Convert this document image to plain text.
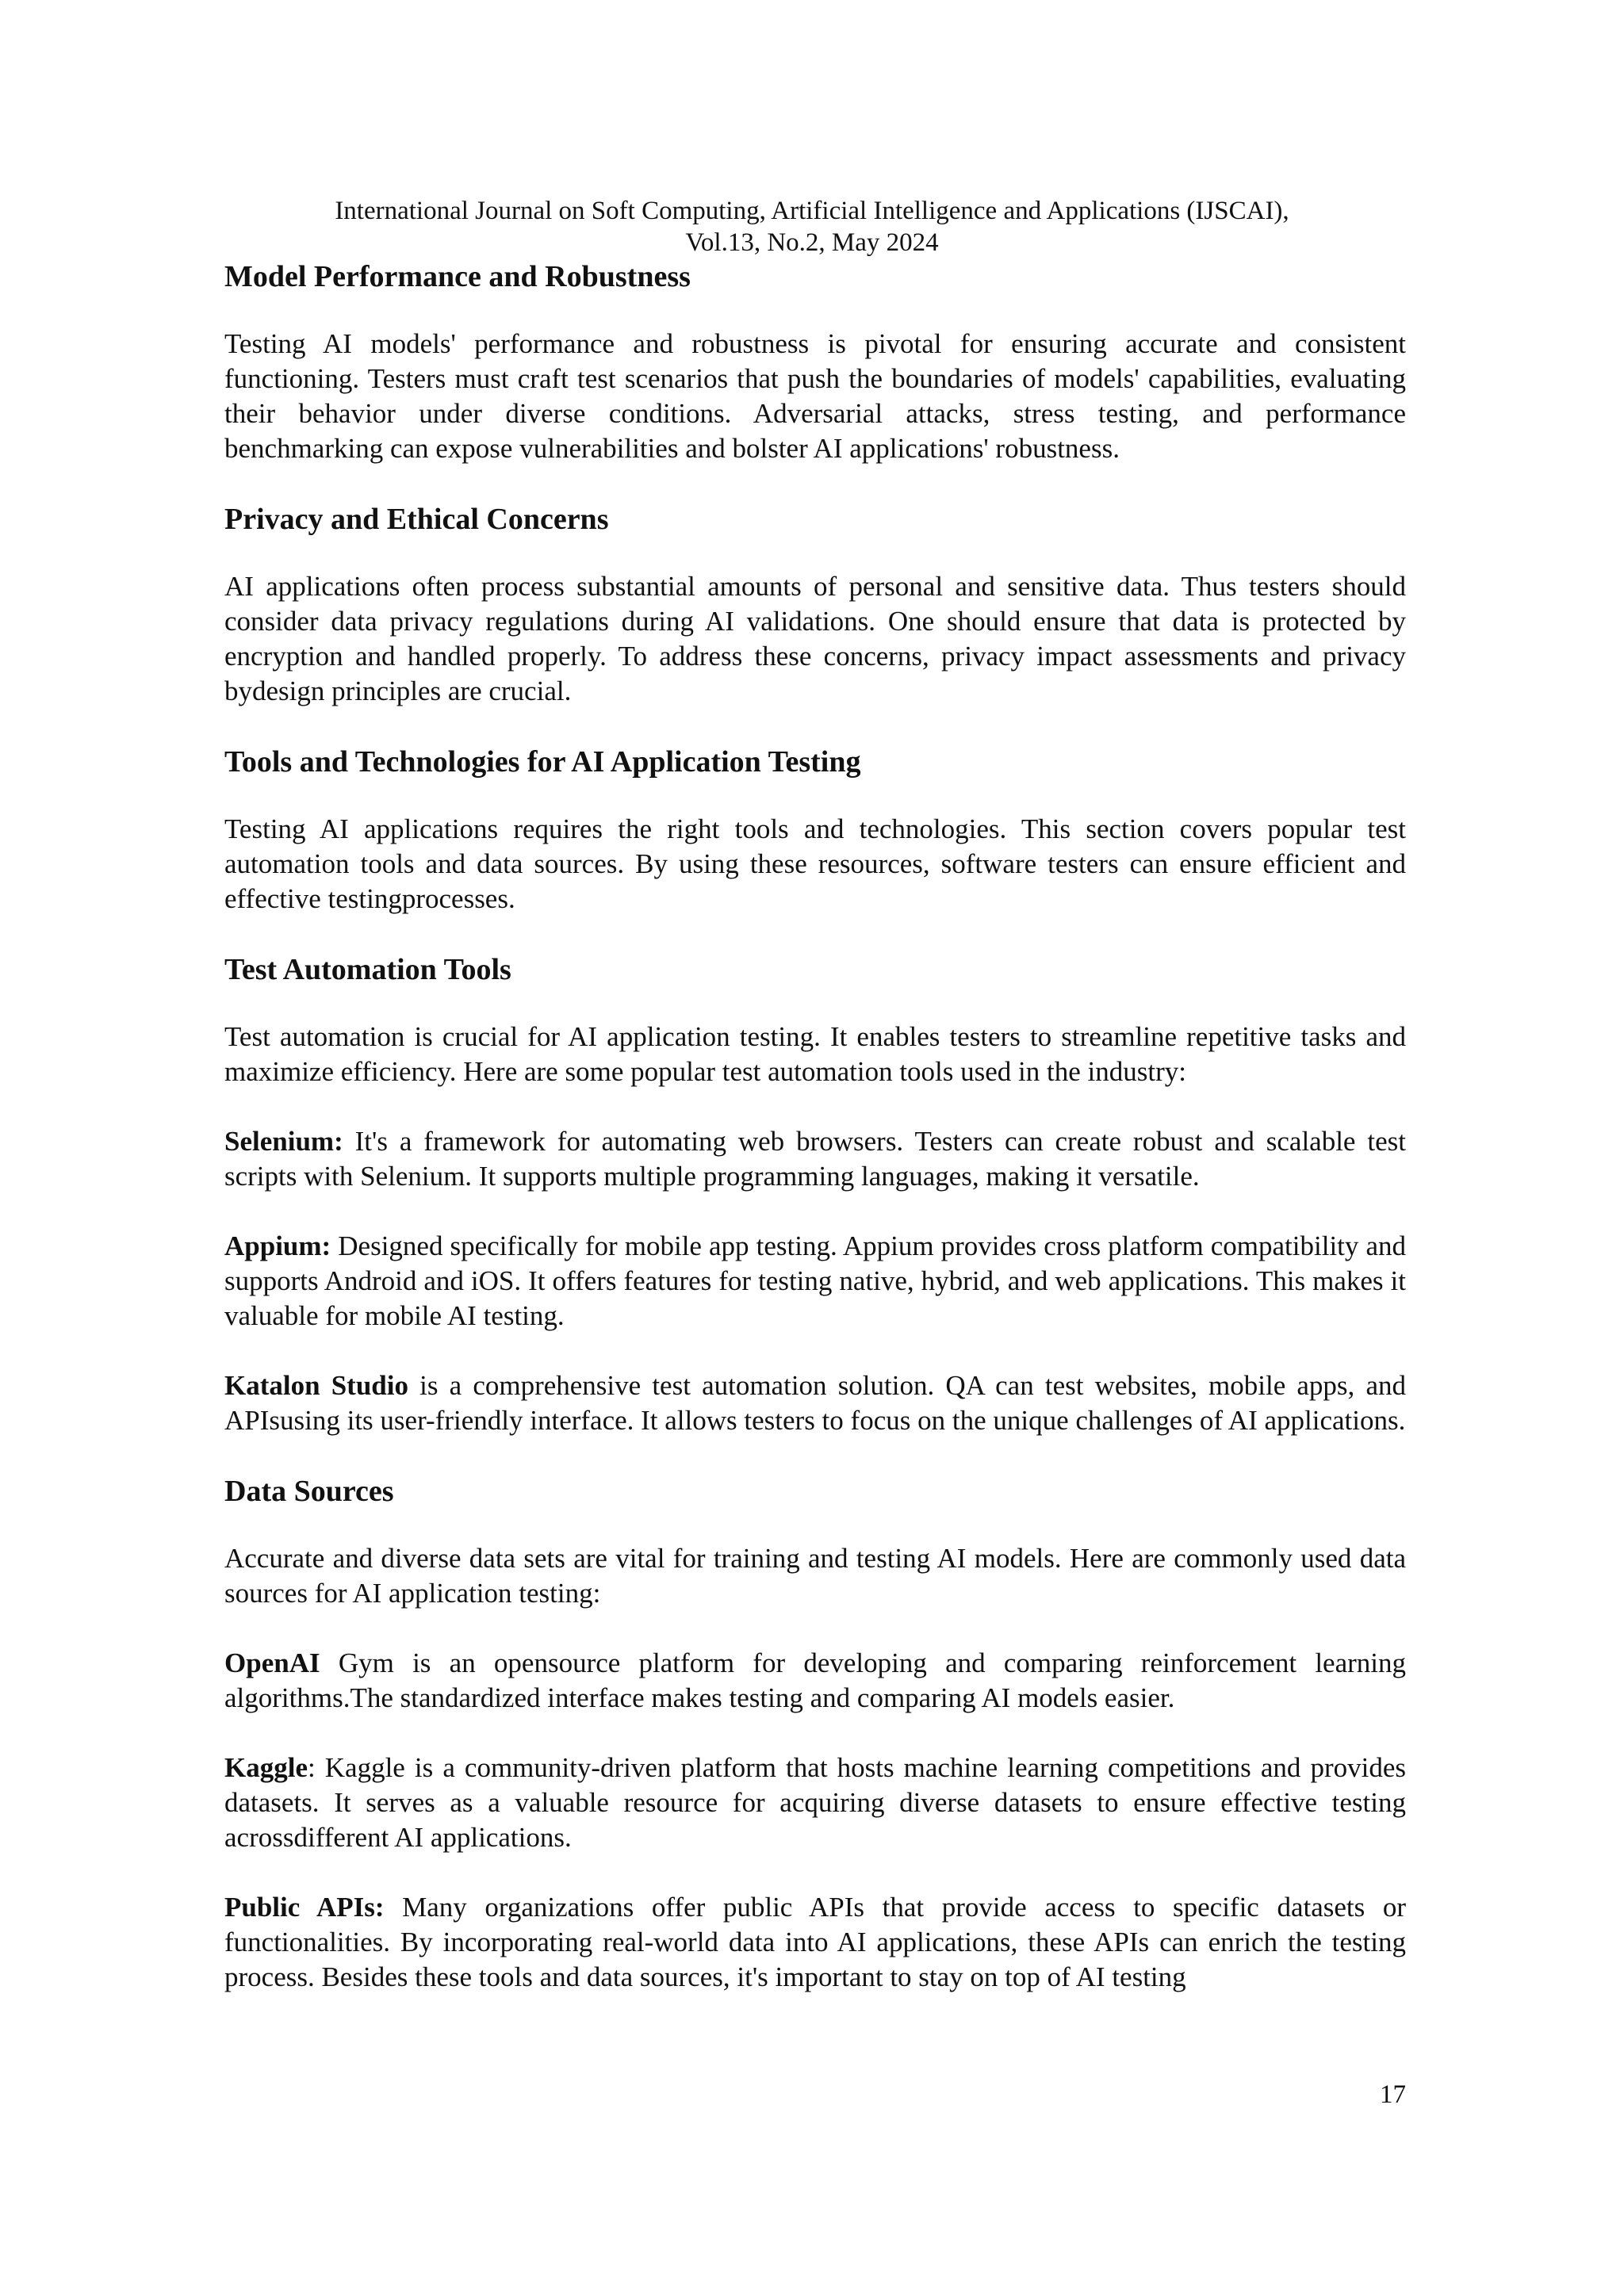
International Journal on Soft Computing, Artificial Intelligence and Applications (IJSCAI),
Vol.13, No.2, May 2024
Model Performance and Robustness

Testing AI models' performance and robustness is pivotal for ensuring accurate and consistent functioning. Testers must craft test scenarios that push the boundaries of models' capabilities, evaluating their behavior under diverse conditions. Adversarial attacks, stress testing, and performance benchmarking can expose vulnerabilities and bolster AI applications' robustness.

Privacy and Ethical Concerns

AI applications often process substantial amounts of personal and sensitive data. Thus testers should consider data privacy regulations during AI validations. One should ensure that data is protected by encryption and handled properly. To address these concerns, privacy impact assessments and privacy bydesign principles are crucial.

Tools and Technologies for AI Application Testing

Testing AI applications requires the right tools and technologies. This section covers popular test automation tools and data sources. By using these resources, software testers can ensure efficient and effective testingprocesses.

Test Automation Tools

Test automation is crucial for AI application testing. It enables testers to streamline repetitive tasks and maximize efficiency. Here are some popular test automation tools used in the industry:

Selenium: It's a framework for automating web browsers. Testers can create robust and scalable test scripts with Selenium. It supports multiple programming languages, making it versatile.

Appium: Designed specifically for mobile app testing. Appium provides cross platform compatibility and supports Android and iOS. It offers features for testing native, hybrid, and web applications. This makes it valuable for mobile AI testing.

Katalon Studio is a comprehensive test automation solution. QA can test websites, mobile apps, and APIsusing its user-friendly interface. It allows testers to focus on the unique challenges of AI applications.

Data Sources

Accurate and diverse data sets are vital for training and testing AI models. Here are commonly used data sources for AI application testing:

OpenAI Gym is an opensource platform for developing and comparing reinforcement learning algorithms.The standardized interface makes testing and comparing AI models easier.

Kaggle: Kaggle is a community-driven platform that hosts machine learning competitions and provides datasets. It serves as a valuable resource for acquiring diverse datasets to ensure effective testing acrossdifferent AI applications.

Public APIs: Many organizations offer public APIs that provide access to specific datasets or functionalities. By incorporating real-world data into AI applications, these APIs can enrich the testing process. Besides these tools and data sources, it's important to stay on top of AI testing

17
